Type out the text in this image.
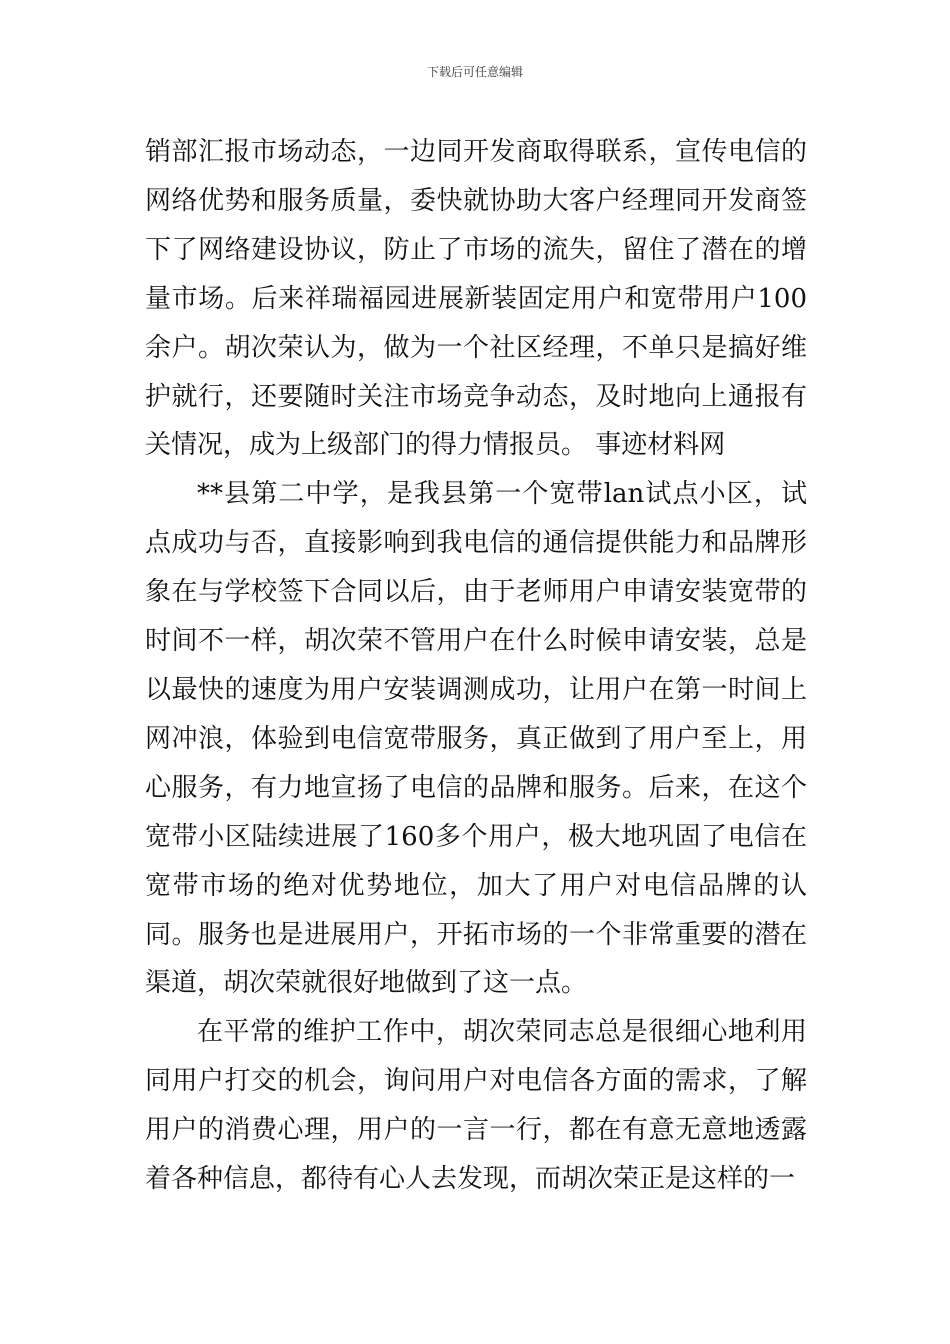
下载后可任意编辑

销部汇报市场动态，一边同开发商取得联系，宣传电信的网络优势和服务质量，委快就协助大客户经理同开发商签下了网络建设协议，防止了市场的流失，留住了潜在的增量市场。后来祥瑞福园进展新装固定用户和宽带用户100余户。胡次荣认为，做为一个社区经理，不单只是搞好维护就行，还要随时关注市场竞争动态，及时地向上通报有关情况，成为上级部门的得力情报员。 事迹材料网

**县第二中学，是我县第一个宽带lan试点小区，试点成功与否，直接影响到我电信的通信提供能力和品牌形象在与学校签下合同以后，由于老师用户申请安装宽带的时间不一样，胡次荣不管用户在什么时候申请安装，总是以最快的速度为用户安装调测成功，让用户在第一时间上网冲浪，体验到电信宽带服务，真正做到了用户至上，用心服务，有力地宣扬了电信的品牌和服务。后来，在这个宽带小区陆续进展了160多个用户，极大地巩固了电信在宽带市场的绝对优势地位，加大了用户对电信品牌的认同。服务也是进展用户，开拓市场的一个非常重要的潜在渠道，胡次荣就很好地做到了这一点。

在平常的维护工作中，胡次荣同志总是很细心地利用同用户打交的机会，询问用户对电信各方面的需求，了解用户的消费心理，用户的一言一行，都在有意无意地透露着各种信息，都待有心人去发现，而胡次荣正是这样的一
